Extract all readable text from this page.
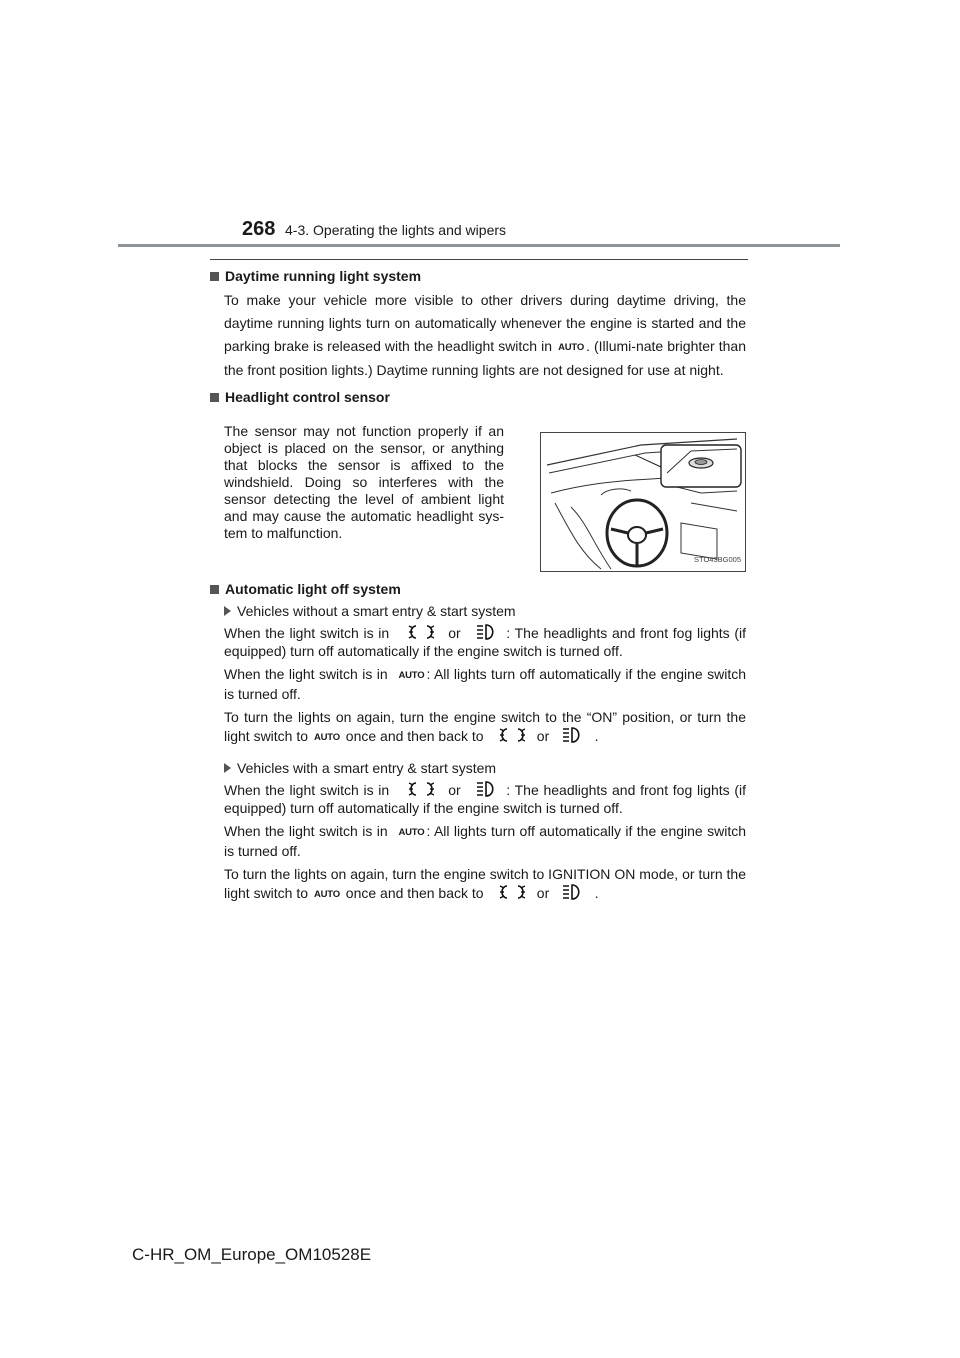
268 4-3. Operating the lights and wipers
Daytime running light system
To make your vehicle more visible to other drivers during daytime driving, the daytime running lights turn on automatically whenever the engine is started and the parking brake is released with the headlight switch in AUTO . (Illumi-nate brighter than the front position lights.) Daytime running lights are not designed for use at night.
Headlight control sensor
The sensor may not function properly if an object is placed on the sensor, or anything that blocks the sensor is affixed to the windshield. Doing so interferes with the sensor detecting the level of ambient light and may cause the automatic headlight sys-tem to malfunction.
STO43BG005
Automatic light off system
Vehicles without a smart entry & start system
When the light switch is in	or	: The headlights and front fog lights (if equipped) turn off automatically if the engine switch is turned off.
When the light switch is in AUTO : All lights turn off automatically if the engine switch is turned off.
To turn the lights on again, turn the engine switch to the “ON” position, or turn the light switch to AUTO once and then back to	or	.
Vehicles with a smart entry & start system
When the light switch is in	or	: The headlights and front fog lights (if equipped) turn off automatically if the engine switch is turned off.
When the light switch is in AUTO : All lights turn off automatically if the engine switch is turned off.
To turn the lights on again, turn the engine switch to IGNITION ON mode, or turn the light switch to AUTO once and then back to	or	.
C-HR_OM_Europe_OM10528E
